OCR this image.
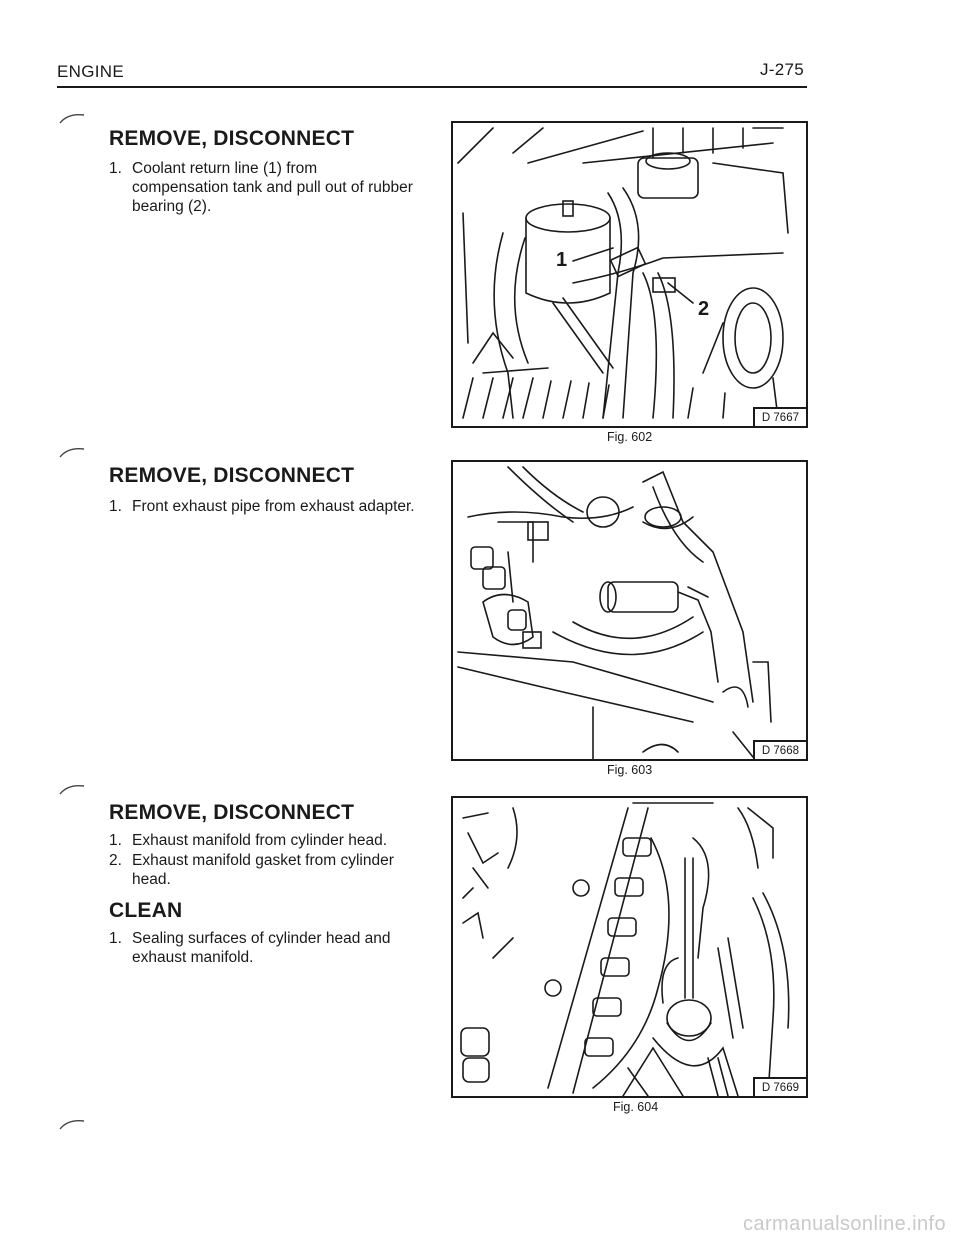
ENGINE	J-275
REMOVE, DISCONNECT
1. Coolant return line (1) from
compensation tank and pull out of rubber
bearing (2).
1
2
D 7667
Fig. 602
REMOVE, DISCONNECT
1. Front exhaust pipe from exhaust adapter.
D 7668
Fig. 603
REMOVE, DISCONNECT
1. Exhaust manifold from cylinder head.
2. Exhaust manifold gasket from cylinder
head.
CLEAN
1. Sealing surfaces of cylinder head and
exhaust manifold.
D 7669
Fig. 604
carmanualsonline.info
